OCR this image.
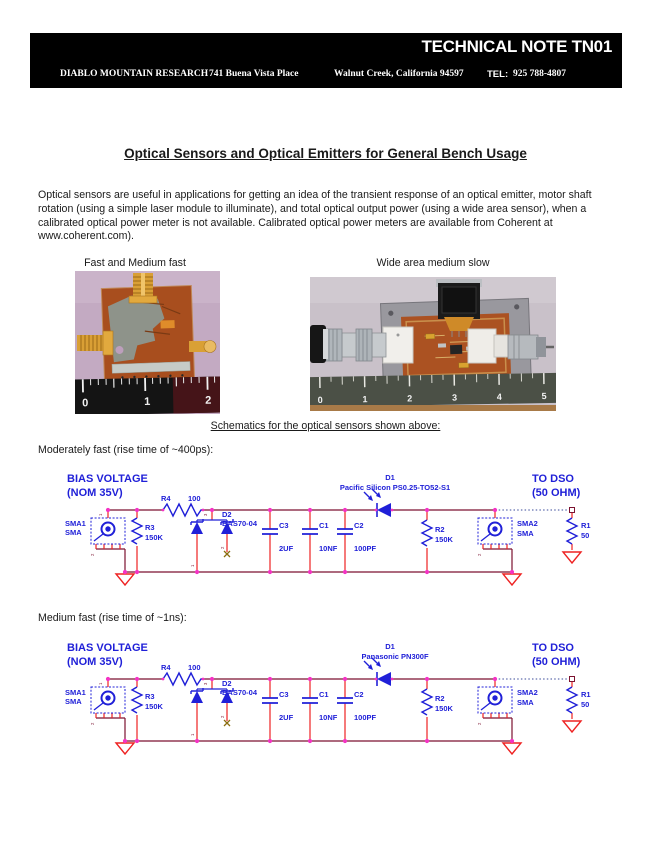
TECHNICAL NOTE TN01
DIABLO MOUNTAIN RESEARCH 741 Buena Vista Place	Walnut Creek, California 94597 TEL: 925 788-4807
Optical Sensors and Optical Emitters for General Bench Usage
Optical sensors are useful in applications for getting an idea of the transient response of an optical emitter, motor shaft rotation (using a simple laser module to illuminate), and total optical output power (using a wide area sensor), when a calibrated optical power meter is not available. Calibrated optical power meters are available from Coherent at www.coherent.com).
Fast and Medium fast	Wide area medium slow
0	1	2	0	1	2	3	4	5
Schematics for the optical sensors shown above:
Moderately fast (rise time of ~400ps):
BIAS VOLTAGE
(NOM 35V)
TO DSO
(50 OHM)
SMA1
SMA
R3
150K
R4 100
D2
BAS70-04	C3
2UF
C1
10NF
C2
100PF
D1
Pacific Silicon PS0.25-TO52-S1
R2
150K
SMA2
SMA
R1
50
1
2
3
1
2
2
Medium fast (rise time of ~1ns):
BIAS VOLTAGE
(NOM 35V)
TO DSO
(50 OHM)
SMA1
SMA
R3
150K
R4 100
D2
BAS70-04	C3
2UF
C1
10NF
C2
100PF
D1
Panasonic PN300F
R2
150K
SMA2
SMA
R1
50
1
2
3
1
2
2
